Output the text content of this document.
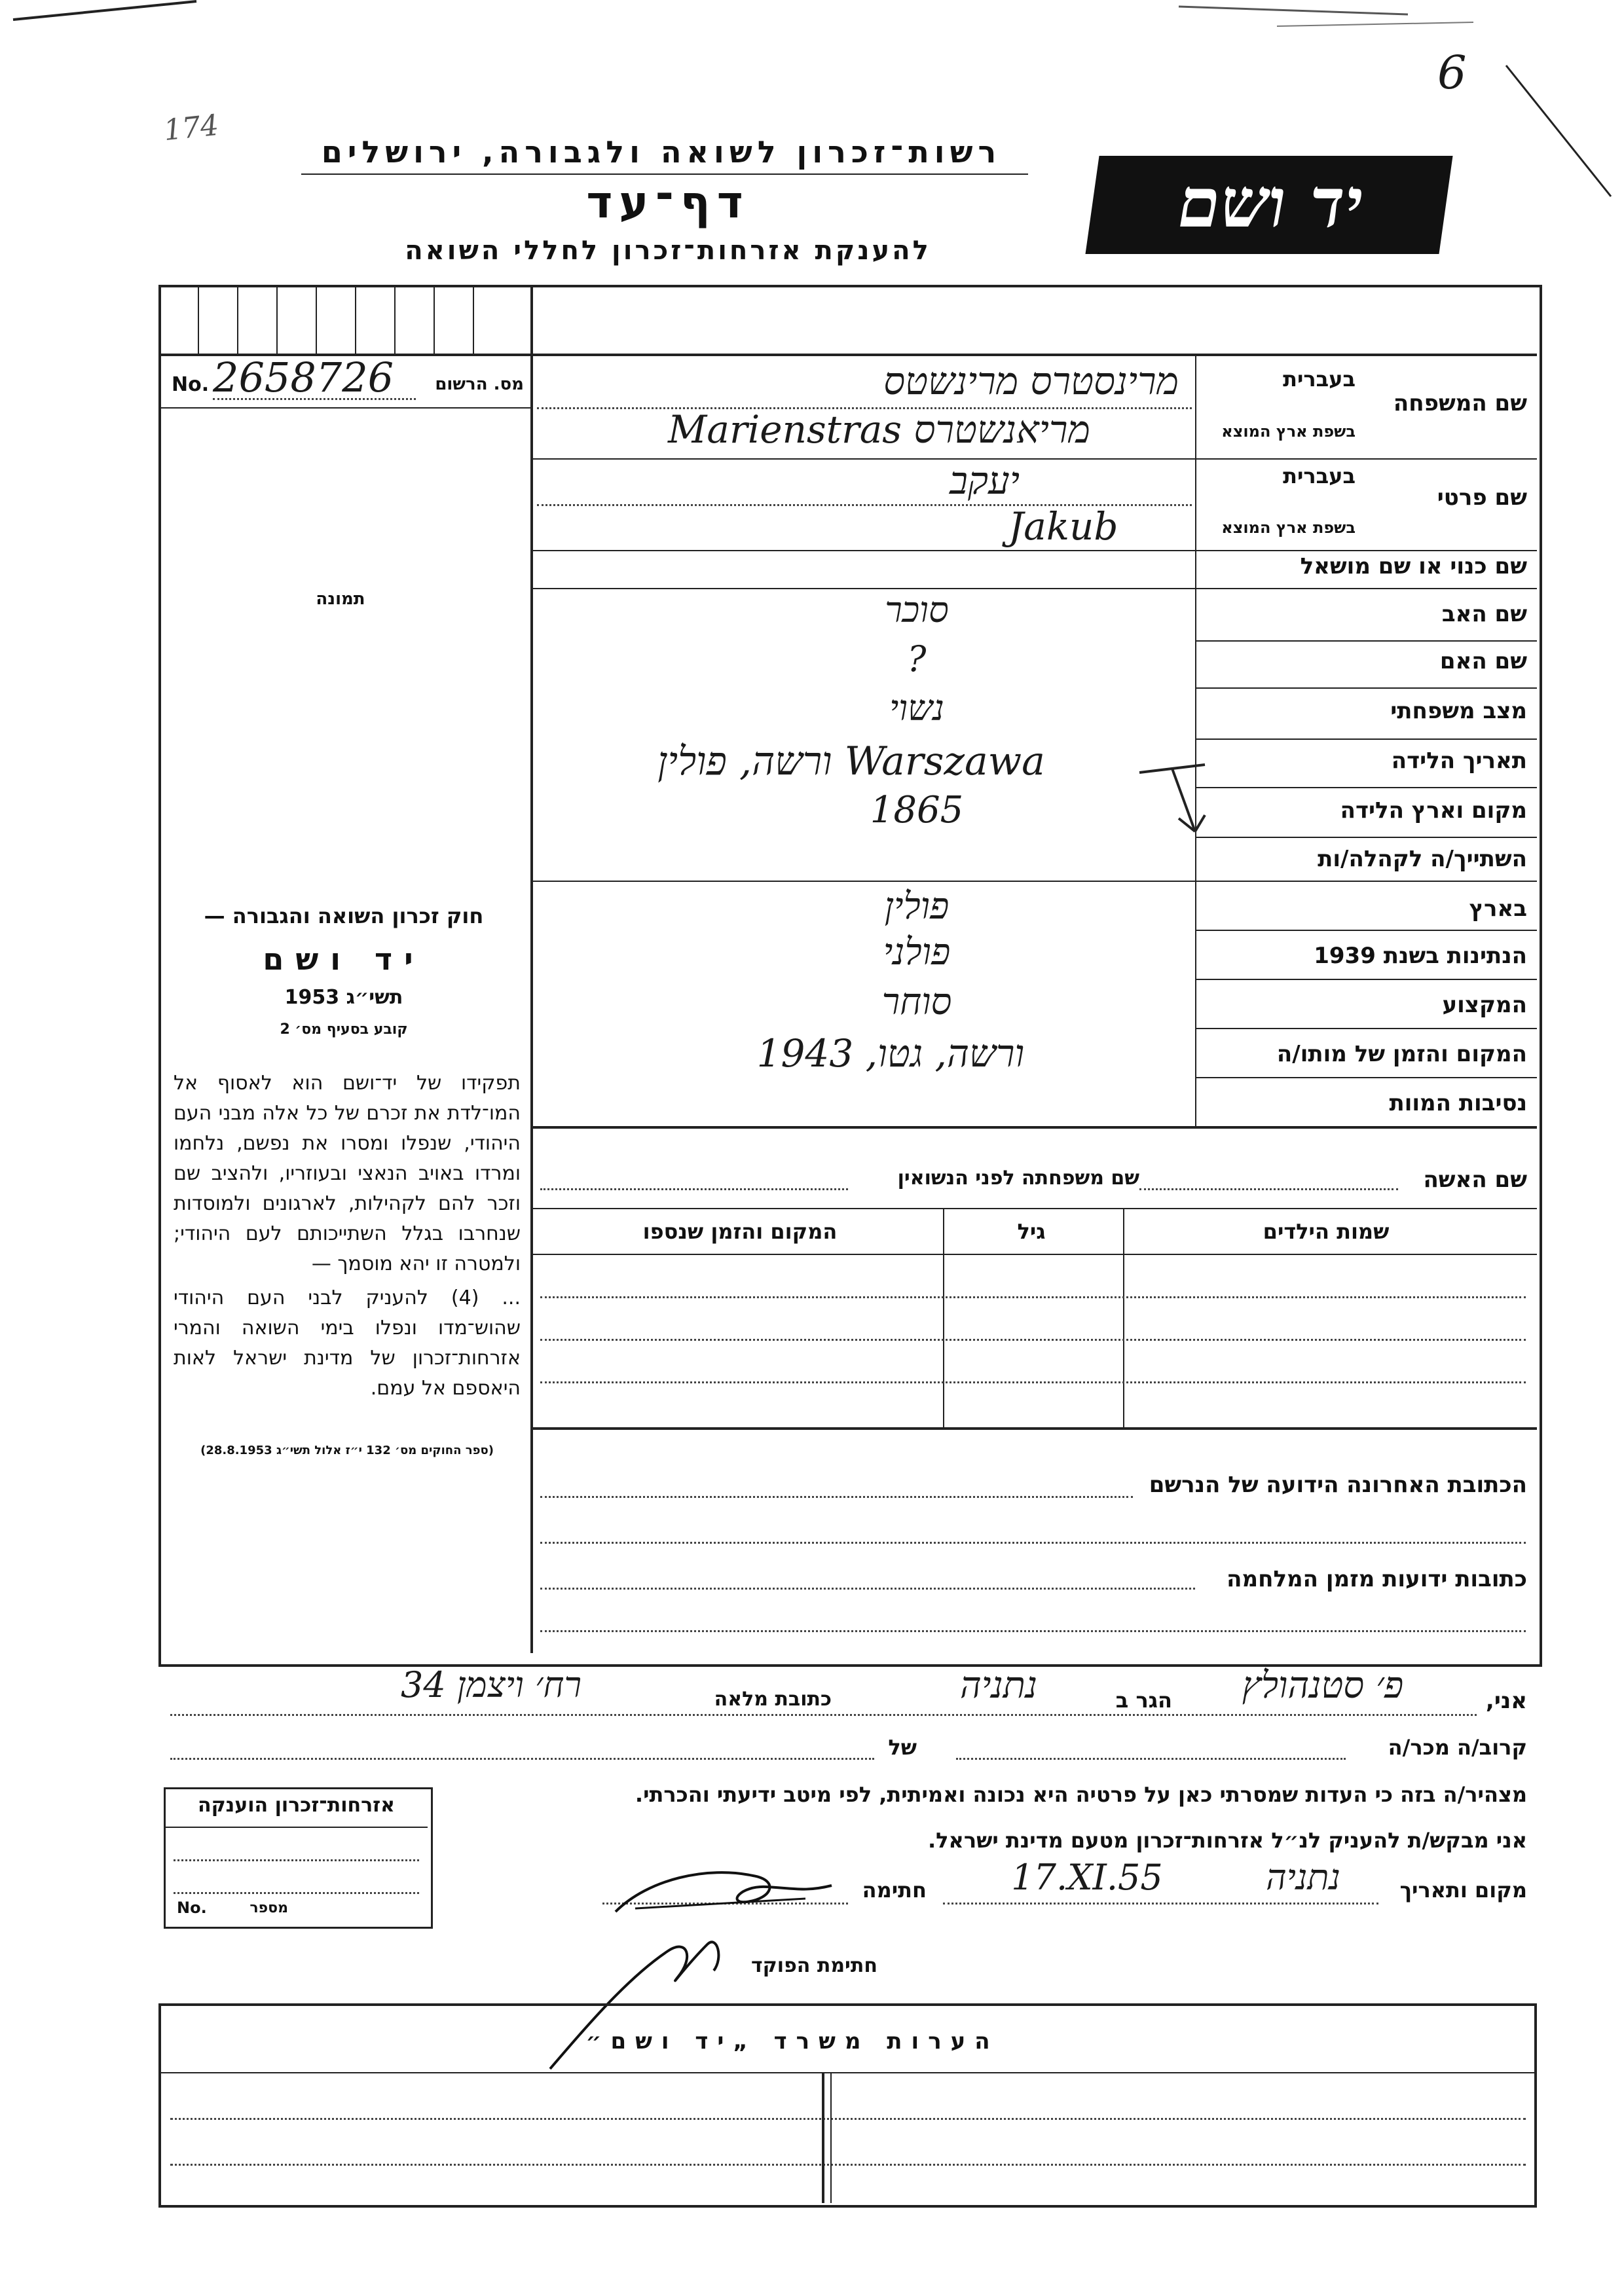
174
6
רשות־זכרון לשואה ולגבורה, ירושלים
דף־עד
להענקת אזרחות־זכרון לחללי השואה
יד ושם
מס. הרשום
No. 2658726
תמונה
בעברית
שם המשפחה
בשפת ארץ המוצא
מרינסטרס מרינשטס
Marienstras מריאנשטרס
בעברית
שם פרטי
בשפת ארץ המוצא
יעקב
Jakub
שם כנוי או שם מושאל
שם האב
סוכר
שם האם
?
מצב משפחתי
נשוי
תאריך הלידה
Warszawa ורשה, פולין
מקום וארץ הלידה
1865
השתייך/ה לקהלה/ות
בארץ
פולין
הנתינות בשנת 1939
פולני
המקצוע
סוחר
המקום והזמן של מותו/ה
ורשה, גטו, 1943
נסיבות המוות
חוק זכרון השואה והגבורה —
יד ושם
תשי״ג 1953
קובע בסעיף מס׳ 2
תפקידו של יד־ושם הוא לאסוף אל המו־לדת את זכרם של כל אלה מבני העם היהודי, שנפלו ומסרו את נפשם, נלחמו ומרדו באויב הנאצי ובעוזריו, ולהציב שם וזכר להם לקהילות, לארגונים ולמוסדות שנחרבו בגלל השתייכותם לעם היהודי; ולמטרה זו יהא מוסמך —
... (4) להעניק לבני העם היהודי שהוש־מדו ונפלו בימי השואה והמרי אזרחות־זכרון של מדינת ישראל לאות היאספם אל עמם.
(ספר החוקים מס׳ 132 י״ז אלול תשי״ג 28.8.1953)
שם האשה
שם משפחתה לפני הנשואין
שמות הילדים
גיל
המקום והזמן שנספו
הכתובת האחרונה הידועה של הנרשם
כתובות ידועות מזמן המלחמה
אני,
פ׳ סטנהולץ
הגר ב
נתניה
כתובת מלאה
רח׳ ויצמן 34
קרוב/ה מכר/ה
של
מצהיר/ה בזה כי העדות שמסרתי כאן על פרטיה היא נכונה ואמיתית, לפי מיטב ידיעתי והכרתי.
אני מבקש/ת להעניק לנ״ל אזרחות־זכרון מטעם מדינת ישראל.
מקום ותאריך
נתניה
17.XI.55
חתימה
חתימת הפוקד
אזרחות־זכרון הוענקה
No.	מספר
הערות משרד „יד ושם״
